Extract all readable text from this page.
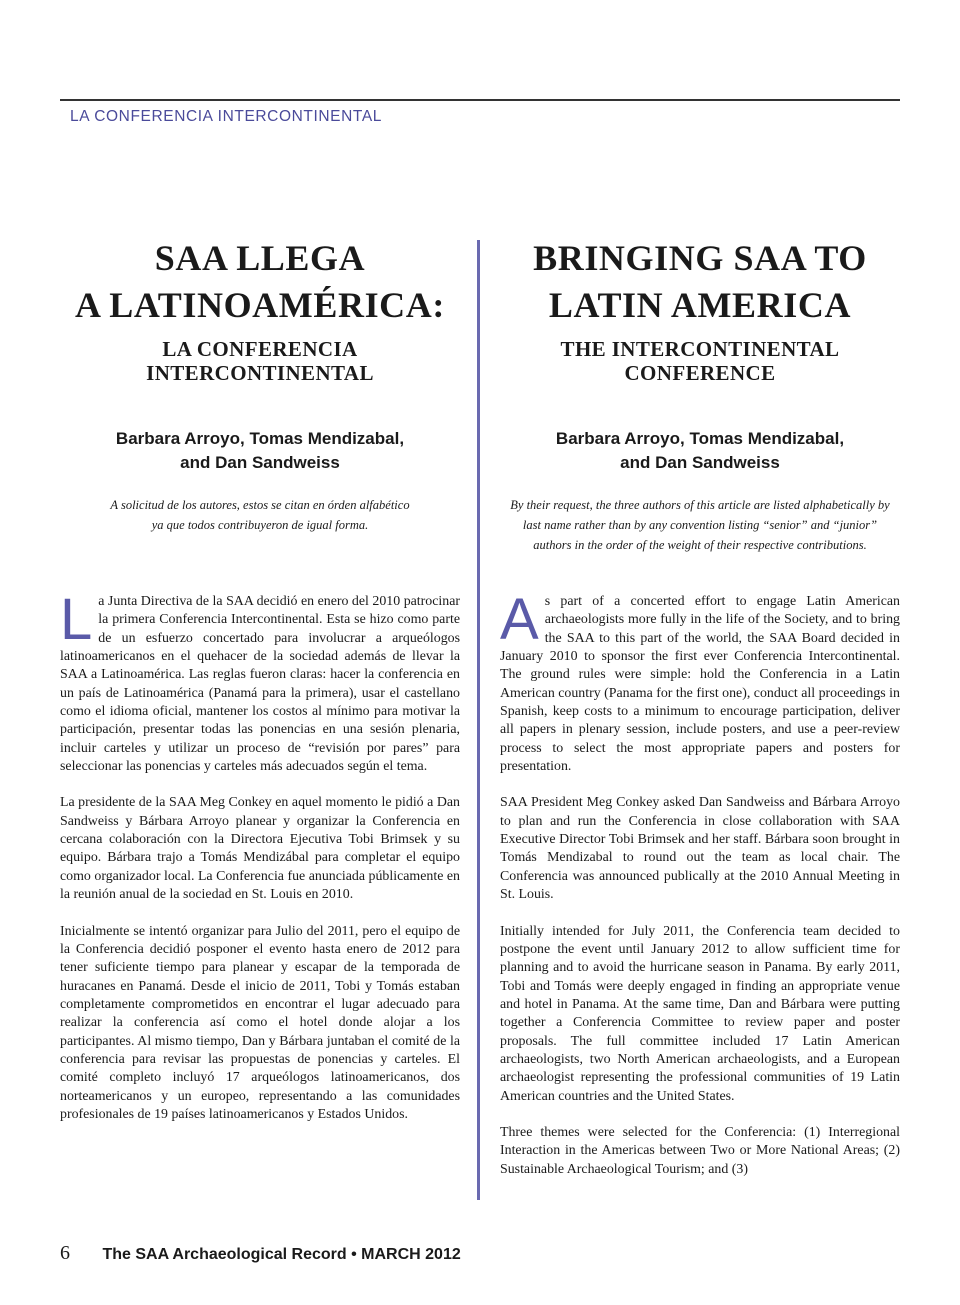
LA CONFERENCIA INTERCONTINENTAL
SAA LLEGA
A LATINOAMÉRICA:
LA CONFERENCIA
INTERCONTINENTAL
Barbara Arroyo, Tomas Mendizabal,
and Dan Sandweiss
A solicitud de los autores, estos se citan en órden alfabético
ya que todos contribuyeron de igual forma.

La Junta Directiva de la SAA decidió en enero del 2010 patrocinar la primera Conferencia Intercontinental. Esta se hizo como parte de un esfuerzo concertado para involucrar a arqueólogos latinoamericanos en el quehacer de la sociedad además de llevar la SAA a Latinoamérica. Las reglas fueron claras: hacer la conferencia en un país de Latinoamérica (Panamá para la primera), usar el castellano como el idioma oficial, mantener los costos al mínimo para motivar la participación, presentar todas las ponencias en una sesión plenaria, incluir carteles y utilizar un proceso de “revisión por pares” para seleccionar las ponencias y carteles más adecuados según el tema.

La presidente de la SAA Meg Conkey en aquel momento le pidió a Dan Sandweiss y Bárbara Arroyo planear y organizar la Conferencia en cercana colaboración con la Directora Ejecutiva Tobi Brimsek y su equipo. Bárbara trajo a Tomás Mendizábal para completar el equipo como organizador local. La Conferencia fue anunciada públicamente en la reunión anual de la sociedad en St. Louis en 2010.

Inicialmente se intentó organizar para Julio del 2011, pero el equipo de la Conferencia decidió posponer el evento hasta enero de 2012 para tener suficiente tiempo para planear y escapar de la temporada de huracanes en Panamá. Desde el inicio de 2011, Tobi y Tomás estaban completamente comprometidos en encontrar el lugar adecuado para realizar la conferencia así como el hotel donde alojar a los participantes. Al mismo tiempo, Dan y Bárbara juntaban el comité de la conferencia para revisar las propuestas de ponencias y carteles. El comité completo incluyó 17 arqueólogos latinoamericanos, dos norteamericanos y un europeo, representando a las comunidades profesionales de 19 países latinoamericanos y Estados Unidos.

BRINGING SAA TO
LATIN AMERICA
THE INTERCONTINENTAL
CONFERENCE
Barbara Arroyo, Tomas Mendizabal,
and Dan Sandweiss
By their request, the three authors of this article are listed alphabetically by
last name rather than by any convention listing “senior” and “junior”
authors in the order of the weight of their respective contributions.

As part of a concerted effort to engage Latin American archaeologists more fully in the life of the Society, and to bring the SAA to this part of the world, the SAA Board decided in January 2010 to sponsor the first ever Conferencia Intercontinental. The ground rules were simple: hold the Conferencia in a Latin American country (Panama for the first one), conduct all proceedings in Spanish, keep costs to a minimum to encourage participation, deliver all papers in plenary session, include posters, and use a peer-review process to select the most appropriate papers and posters for presentation.

SAA President Meg Conkey asked Dan Sandweiss and Bárbara Arroyo to plan and run the Conferencia in close collaboration with SAA Executive Director Tobi Brimsek and her staff. Bárbara soon brought in Tomás Mendizabal to round out the team as local chair. The Conferencia was announced publically at the 2010 Annual Meeting in St. Louis.

Initially intended for July 2011, the Conferencia team decided to postpone the event until January 2012 to allow sufficient time for planning and to avoid the hurricane season in Panama. By early 2011, Tobi and Tomás were deeply engaged in finding an appropriate venue and hotel in Panama. At the same time, Dan and Bárbara were putting together a Conferencia Committee to review paper and poster proposals. The full committee included 17 Latin American archaeologists, two North American archaeologists, and a European archaeologist representing the professional communities of 19 Latin American countries and the United States.

Three themes were selected for the Conferencia: (1) Interregional Interaction in the Americas between Two or More National Areas; (2) Sustainable Archaeological Tourism; and (3)

6 The SAA Archaeological Record • MARCH 2012
